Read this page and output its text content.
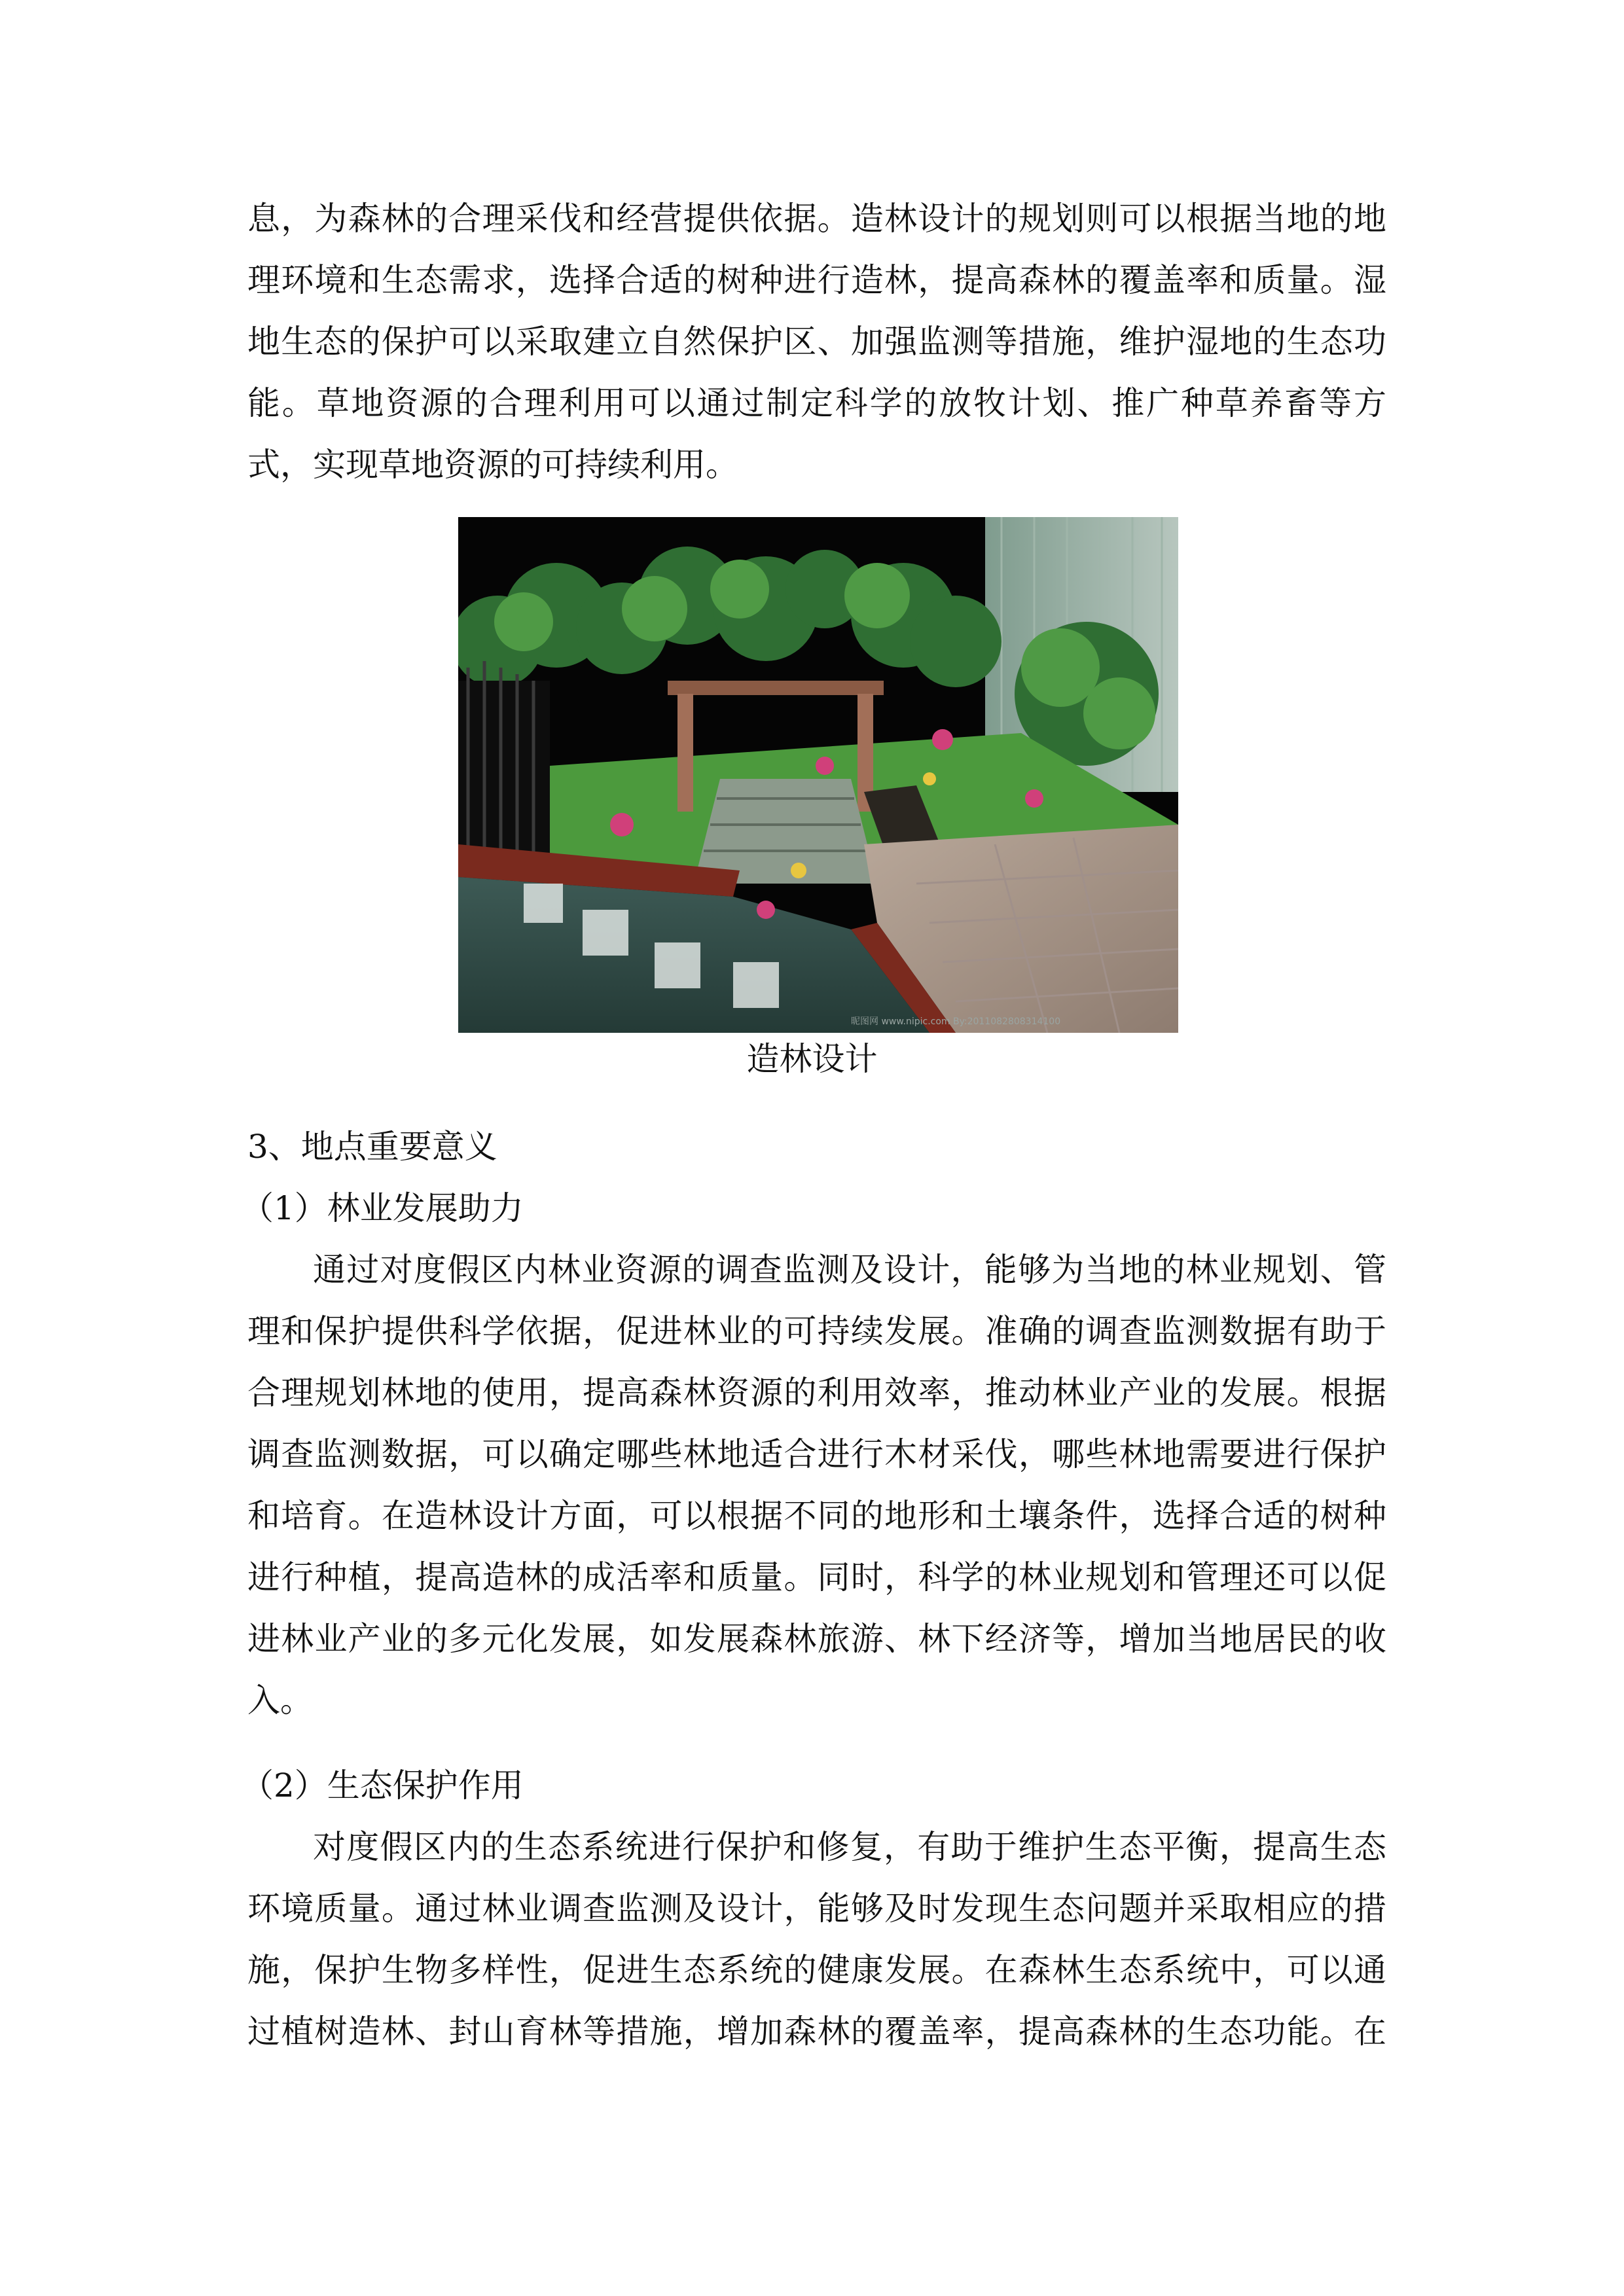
息，为森林的合理采伐和经营提供依据。造林设计的规划则可以根据当地的地
理环境和生态需求，选择合适的树种进行造林，提高森林的覆盖率和质量。湿
地生态的保护可以采取建立自然保护区、加强监测等措施，维护湿地的生态功
能。草地资源的合理利用可以通过制定科学的放牧计划、推广种草养畜等方
式，实现草地资源的可持续利用。
昵图网 www.nipic.com By:2011082808314100
造林设计
3、地点重要意义
（1）林业发展助力
通过对度假区内林业资源的调查监测及设计，能够为当地的林业规划、管
理和保护提供科学依据，促进林业的可持续发展。准确的调查监测数据有助于
合理规划林地的使用，提高森林资源的利用效率，推动林业产业的发展。根据
调查监测数据，可以确定哪些林地适合进行木材采伐，哪些林地需要进行保护
和培育。在造林设计方面，可以根据不同的地形和土壤条件，选择合适的树种
进行种植，提高造林的成活率和质量。同时，科学的林业规划和管理还可以促
进林业产业的多元化发展，如发展森林旅游、林下经济等，增加当地居民的收
入。
（2）生态保护作用
对度假区内的生态系统进行保护和修复，有助于维护生态平衡，提高生态
环境质量。通过林业调查监测及设计，能够及时发现生态问题并采取相应的措
施，保护生物多样性，促进生态系统的健康发展。在森林生态系统中，可以通
过植树造林、封山育林等措施，增加森林的覆盖率，提高森林的生态功能。在
